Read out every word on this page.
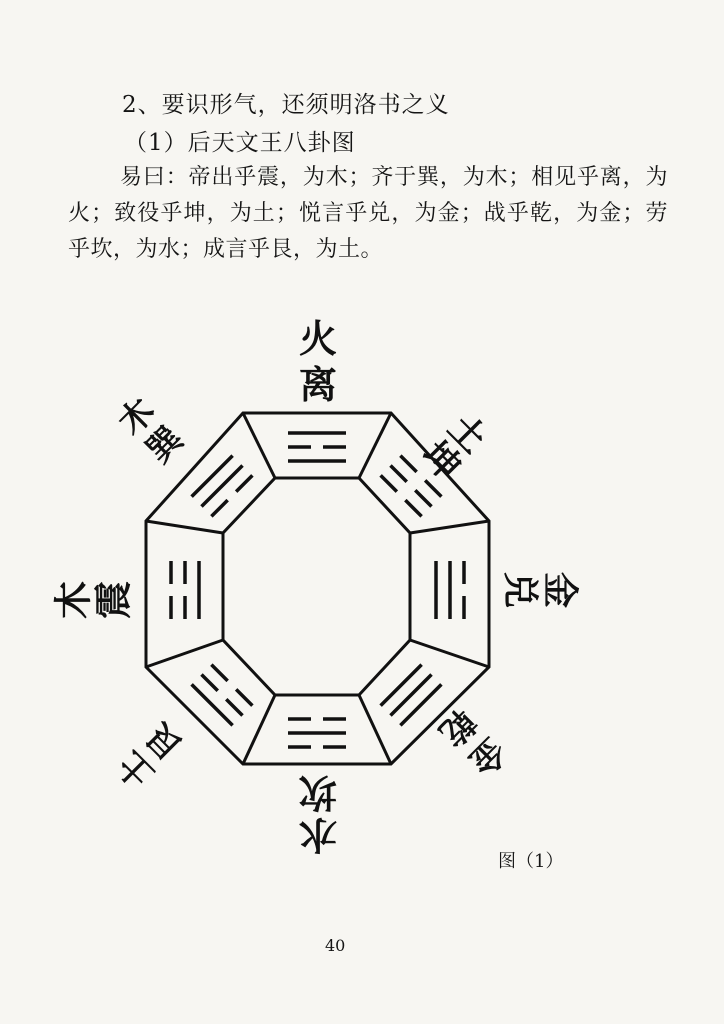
2、要识形气，还须明洛书之义
（1）后天文王八卦图
易曰：帝出乎震，为木；齐于巽，为木；相见乎离，为火；致役乎坤，为土；悦言乎兑，为金；战乎乾，为金；劳乎坎，为水；成言乎艮，为土。
火
离
土
坤
金
兑
金
乾
水
坎
土
艮
木
震
木
巽
图（1）
40
